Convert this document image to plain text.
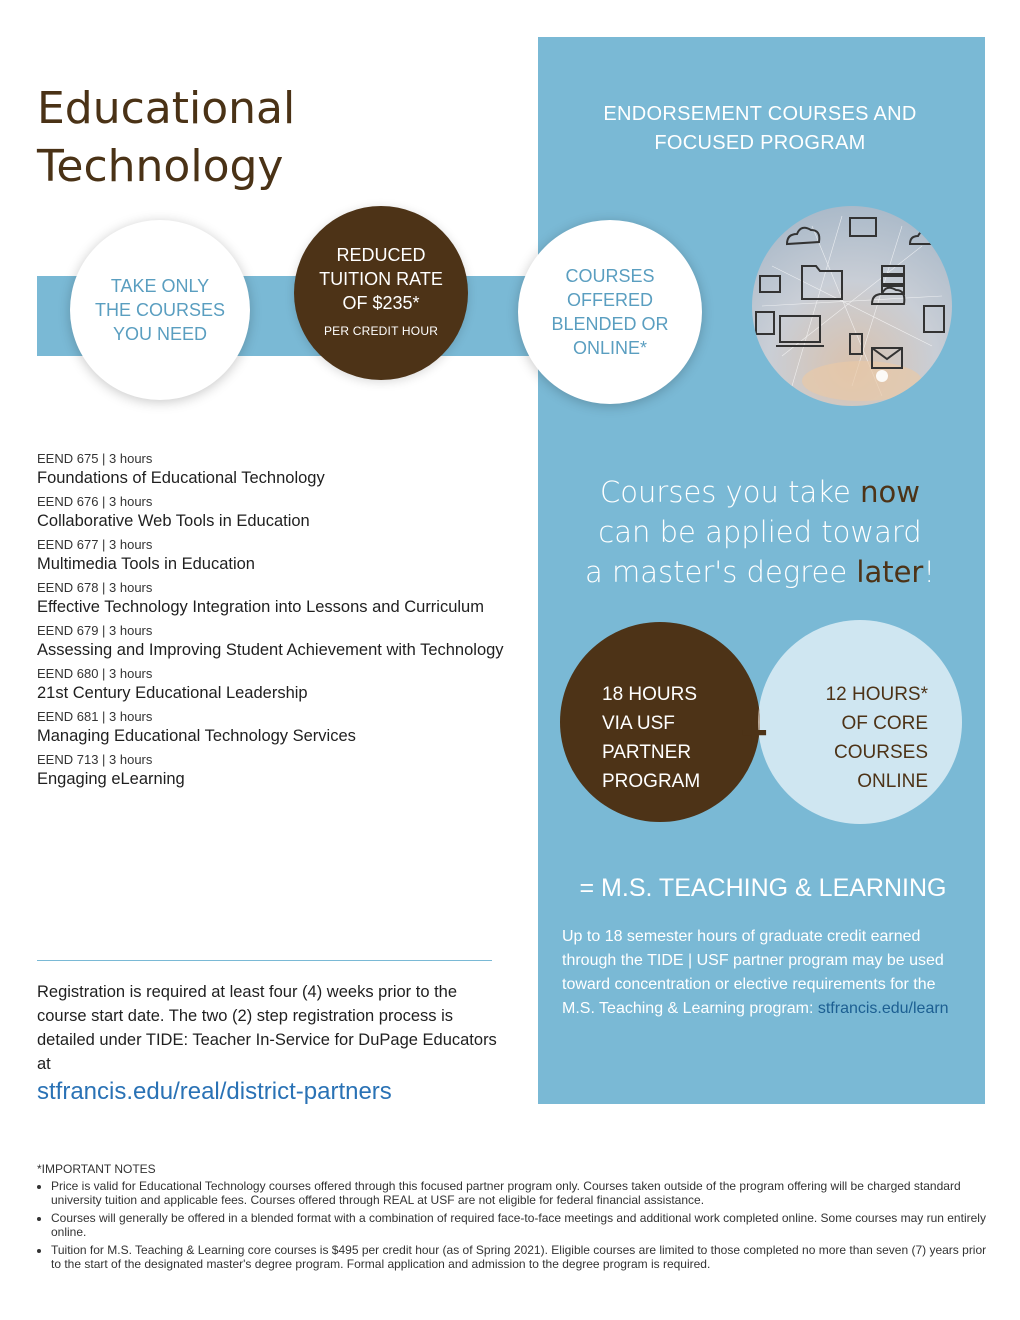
Educational
Technology
ENDORSEMENT COURSES AND
FOCUSED PROGRAM
TAKE ONLY
THE COURSES
YOU NEED
REDUCED
TUITION RATE
OF $235*
PER CREDIT HOUR
COURSES
OFFERED
BLENDED OR
ONLINE*
EEND 675 | 3 hours
Foundations of Educational Technology
EEND 676 | 3 hours
Collaborative Web Tools in Education
EEND 677 | 3 hours
Multimedia Tools in Education
EEND 678 | 3 hours
Effective Technology Integration into Lessons and Curriculum
EEND 679 | 3 hours
Assessing and Improving Student Achievement with Technology
EEND 680 | 3 hours
21st Century Educational Leadership
EEND 681 | 3 hours
Managing Educational Technology Services
EEND 713 | 3 hours
Engaging eLearning
Courses you take now
can be applied toward
a master's degree later!
18 HOURS
VIA USF
PARTNER
PROGRAM
12 HOURS*
OF CORE
COURSES
ONLINE
+
= M.S. TEACHING & LEARNING
Up to 18 semester hours of graduate credit earned through the TIDE | USF partner program may be used toward concentration or elective requirements for the M.S. Teaching & Learning program: stfrancis.edu/learn
Registration is required at least four (4) weeks prior to the course start date. The two (2) step registration process is detailed under TIDE: Teacher In-Service for DuPage Educators at
stfrancis.edu/real/district-partners
*IMPORTANT NOTES
• Price is valid for Educational Technology courses offered through this focused partner program only. Courses taken outside of the program offering will be charged standard university tuition and applicable fees. Courses offered through REAL at USF are not eligible for federal financial assistance.
• Courses will generally be offered in a blended format with a combination of required face-to-face meetings and additional work completed online. Some courses may run entirely online.
• Tuition for M.S. Teaching & Learning core courses is $495 per credit hour (as of Spring 2021). Eligible courses are limited to those completed no more than seven (7) years prior to the start of the designated master's degree program. Formal application and admission to the degree program is required.
